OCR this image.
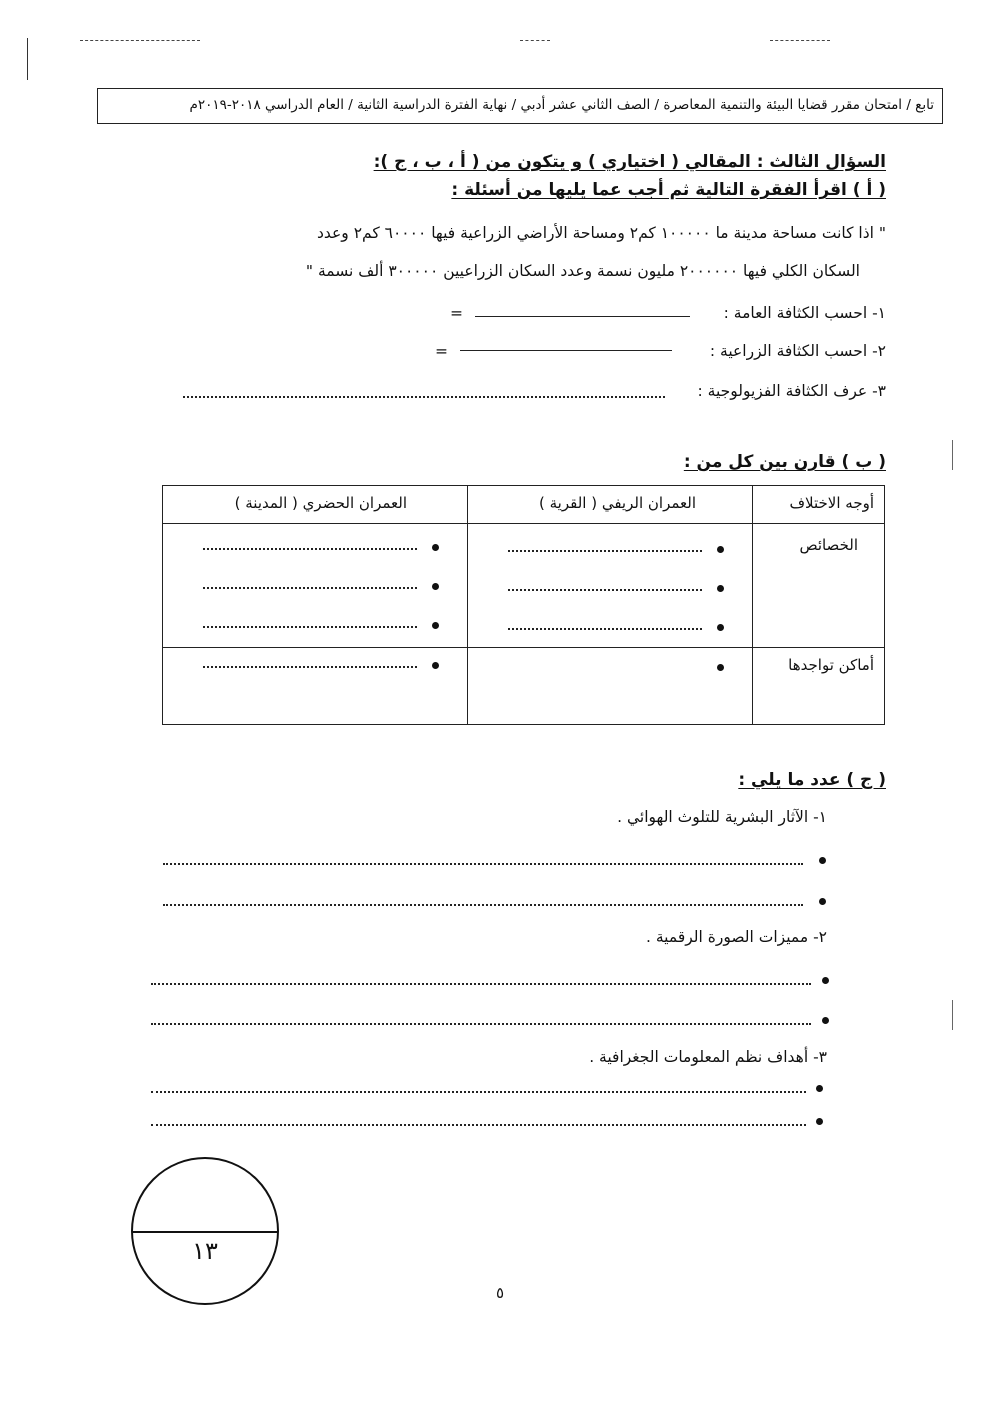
تابع / امتحان مقرر قضايا البيئة والتنمية المعاصرة / الصف الثاني عشر أدبي / نهاية الفترة الدراسية الثانية / العام الدراسي ٢٠١٨-٢٠١٩م
السؤال الثالث : المقالي ( اختياري ) و يتكون من ( أ ، ب ، ج ):
( أ ) اقرأ الفقرة التالية ثم أجب عما يليها من أسئلة :
" اذا كانت مساحة مدينة ما ١٠٠٠٠٠ كم٢ ومساحة الأراضي الزراعية فيها ٦٠٠٠٠ كم٢ وعدد
السكان الكلي فيها ٢٠٠٠٠٠٠ مليون نسمة وعدد السكان الزراعيين ٣٠٠٠٠٠ ألف نسمة "
١- احسب الكثافة العامة :
=
٢- احسب الكثافة الزراعية :
=
٣- عرف الكثافة الفزيولوجية :
( ب ) قارن بين كل من :
العمران الحضري ( المدينة )	العمران الريفي ( القرية )	أوجه الاختلاف

		الخصائص

		أماكن تواجدها
( ج ) عدد ما يلي :
١- الآثار البشرية للتلوث الهوائي .
٢- مميزات الصورة الرقمية .
٣- أهداف نظم المعلومات الجغرافية .
١٣
٥
